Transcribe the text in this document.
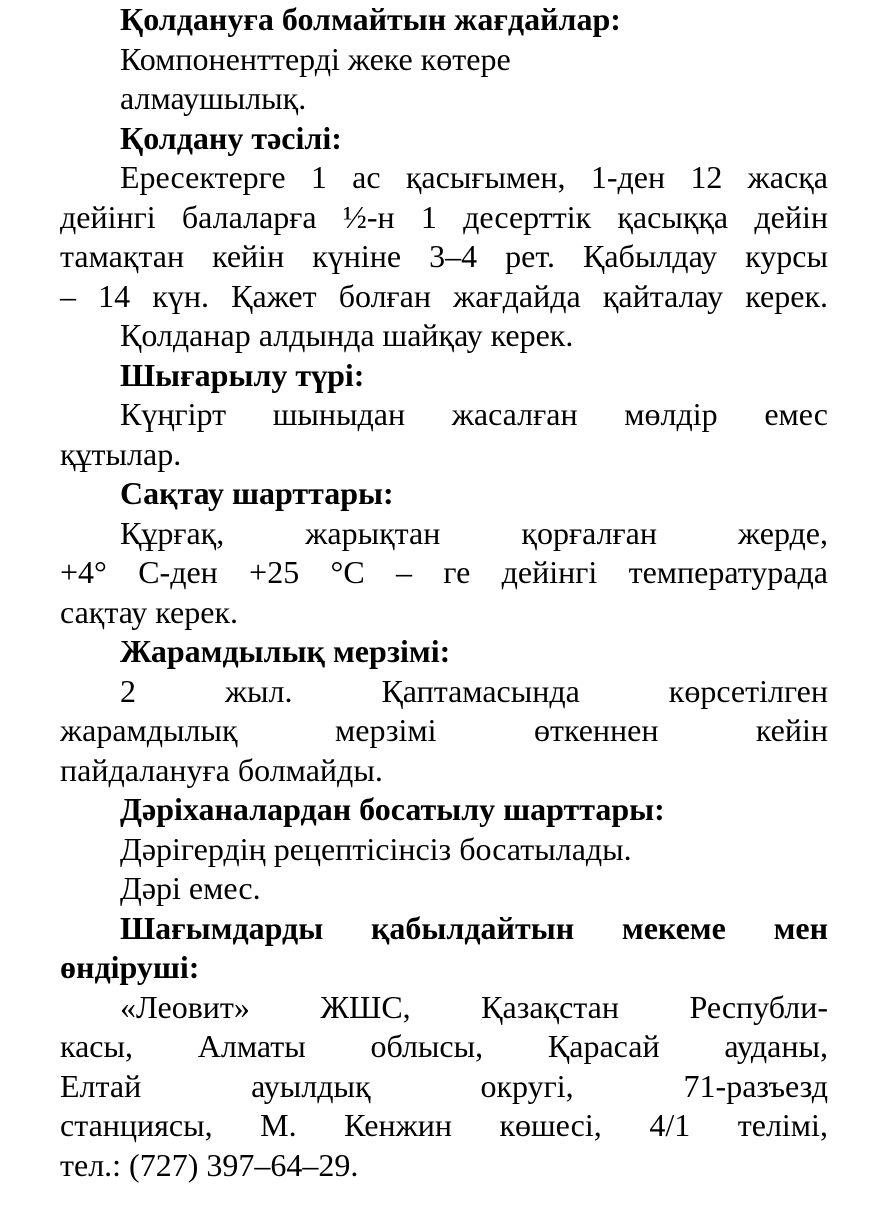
Қолдануға болмайтын жағдайлар:
Компоненттерді жеке көтере
алмаушылық.
Қолдану тәсілі:
Ересектерге 1 ас қасығымен, 1-ден 12 жасқа
дейінгі балаларға ½-н 1 десерттік қасыққа дейін
тамақтан кейін күніне 3–4 рет. Қабылдау курсы
– 14 күн. Қажет болған жағдайда қайталау керек.
Қолданар алдында шайқау керек.
Шығарылу түрі:
Күңгірт шыныдан жасалған мөлдір емес
құтылар.
Сақтау шарттары:
Құрғақ,	жарықтан	қорғалған	жерде,
+4° С-ден +25 °С – ге дейінгі температурада
сақтау керек.
Жарамдылық мерзімі:
2	жыл.	Қаптамасында	көрсетілген
жарамдылық	мерзімі	өткеннен	кейін
пайдалануға болмайды.
Дәріханалардан босатылу шарттары:
Дәрігердің рецептісінсіз босатылады.
Дәрі емес.
Шағымдарды қабылдайтын мекеме мен
өндіруші:
«Леовит» ЖШС, Қазақстан Республи-
касы, Алматы облысы, Қарасай ауданы,
Елтай	ауылдық	округі,	71-разъезд
станциясы, М. Кенжин көшесі, 4/1 телімі,
тел.: (727) 397–64–29.
